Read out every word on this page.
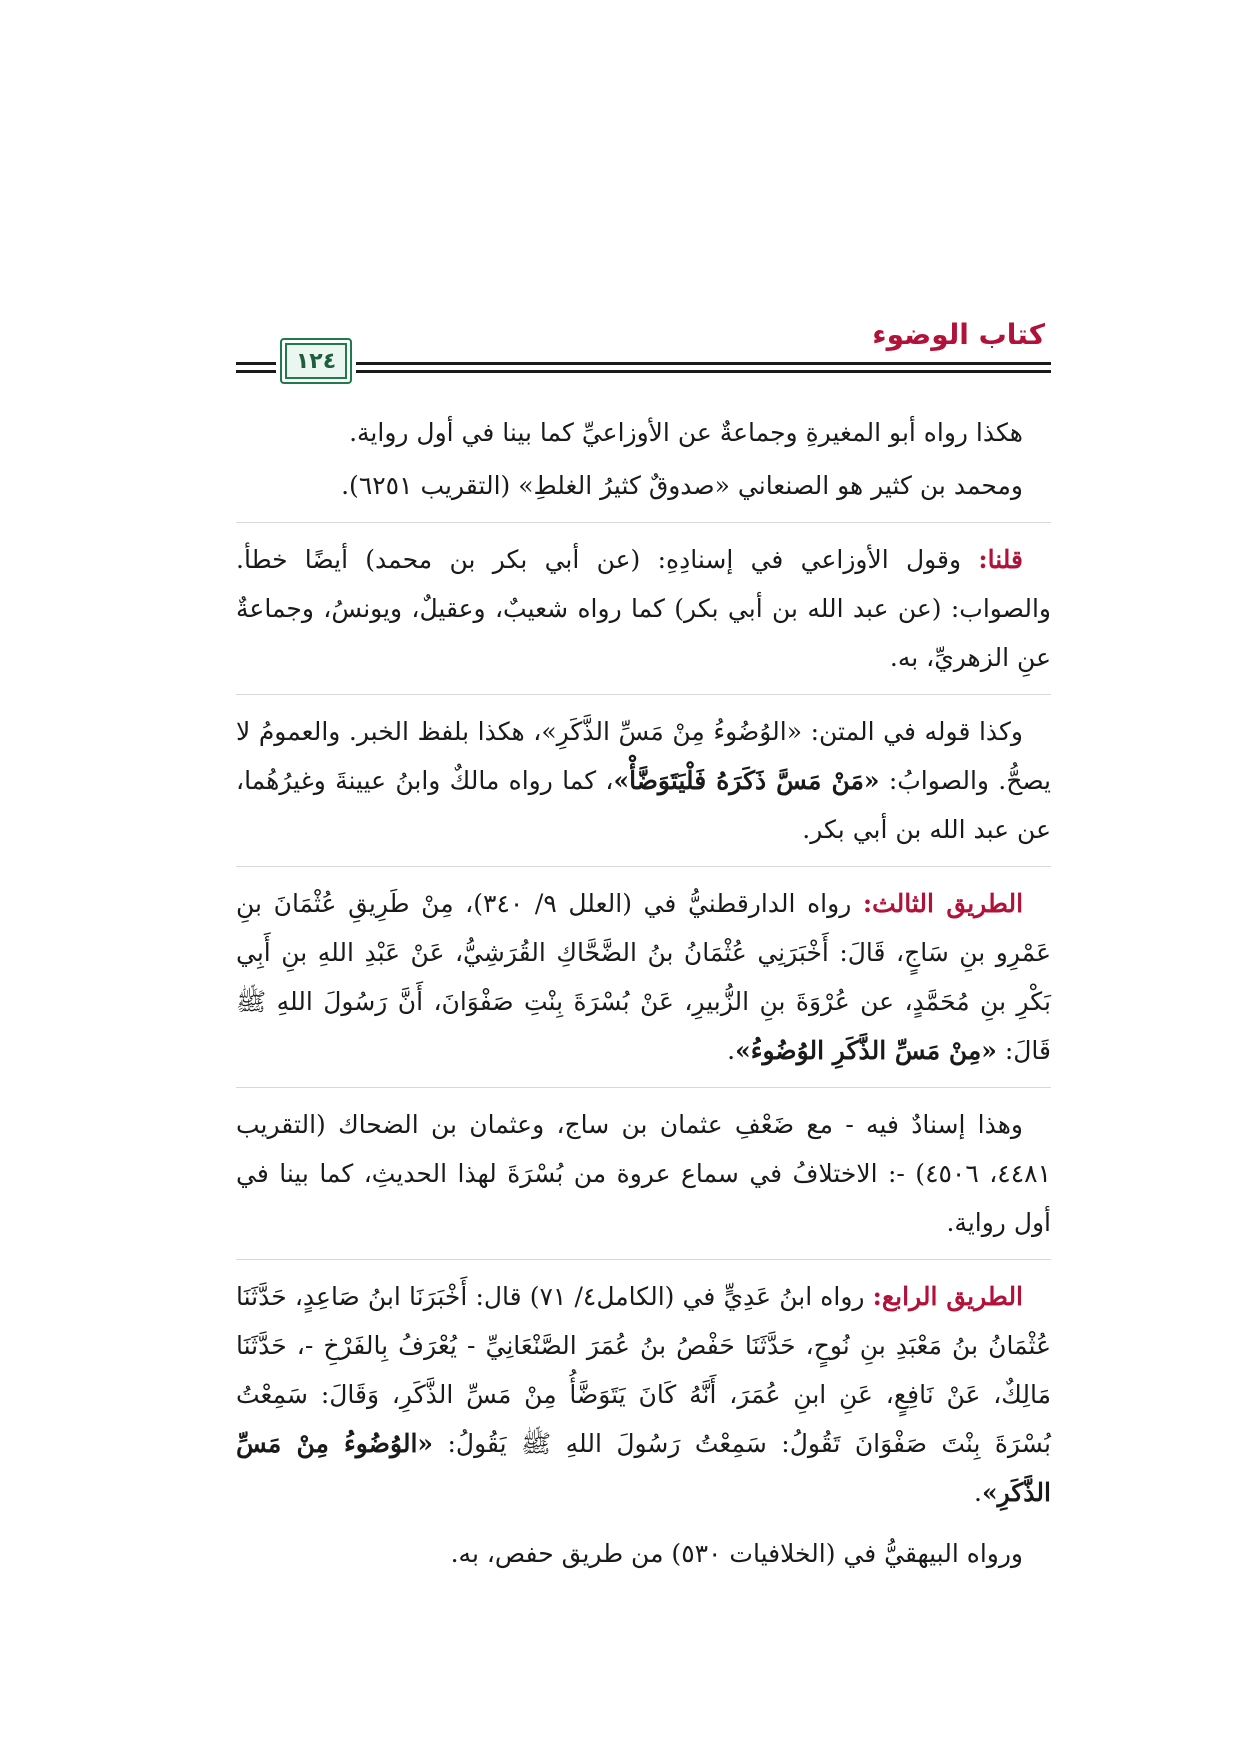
كتاب الوضوء
١٢٤

هكذا رواه أبو المغيرةِ وجماعةٌ عن الأوزاعيِّ كما بينا في أول رواية.

ومحمد بن كثير هو الصنعاني «صدوقٌ كثيرُ الغلطِ» (التقريب ٦٢٥١).

قلنا: وقول الأوزاعي في إسنادِهِ: (عن أبي بكر بن محمد) أيضًا خطأ. والصواب: (عن عبد الله بن أبي بكر) كما رواه شعيبٌ، وعقيلٌ، ويونسُ، وجماعةٌ عنِ الزهريِّ، به.

وكذا قوله في المتن: «الوُضُوءُ مِنْ مَسِّ الذَّكَرِ»، هكذا بلفظ الخبر. والعمومُ لا يصحُّ. والصوابُ: «مَنْ مَسَّ ذَكَرَهُ فَلْيَتَوَضَّأْ»، كما رواه مالكٌ وابنُ عيينةَ وغيرُهُما، عن عبد الله بن أبي بكر.

الطريق الثالث: رواه الدارقطنيُّ في (العلل ٩/ ٣٤٠)، مِنْ طَرِيقِ عُثْمَانَ بنِ عَمْرِو بنِ سَاجٍ، قَالَ: أَخْبَرَنِي عُثْمَانُ بنُ الضَّحَّاكِ القُرَشِيُّ، عَنْ عَبْدِ اللهِ بنِ أَبِي بَكْرِ بنِ مُحَمَّدٍ، عن عُرْوَةَ بنِ الزُّبيرِ، عَنْ بُسْرَةَ بِنْتِ صَفْوَانَ، أَنَّ رَسُولَ اللهِ ﷺ قَالَ: «مِنْ مَسِّ الذَّكَرِ الوُضُوءُ».

وهذا إسنادٌ فيه - مع ضَعْفِ عثمان بن ساج، وعثمان بن الضحاك (التقريب ٤٤٨١، ٤٥٠٦) -: الاختلافُ في سماع عروة من بُسْرَةَ لهذا الحديثِ، كما بينا في أول رواية.

الطريق الرابع: رواه ابنُ عَدِيٍّ في (الكامل٤/ ٧١) قال: أَخْبَرَنَا ابنُ صَاعِدٍ، حَدَّثَنَا عُثْمَانُ بنُ مَعْبَدِ بنِ نُوحٍ، حَدَّثَنَا حَفْصُ بنُ عُمَرَ الصَّنْعَانِيِّ - يُعْرَفُ بِالفَرْخِ -، حَدَّثَنَا مَالِكٌ، عَنْ نَافِعٍ، عَنِ ابنِ عُمَرَ، أَنَّهُ كَانَ يَتَوَضَّأُ مِنْ مَسِّ الذَّكَرِ، وَقَالَ: سَمِعْتُ بُسْرَةَ بِنْتَ صَفْوَانَ تَقُولُ: سَمِعْتُ رَسُولَ اللهِ ﷺ يَقُولُ: «الوُضُوءُ مِنْ مَسِّ الذَّكَرِ».

ورواه البيهقيُّ في (الخلافيات ٥٣٠) من طريق حفص، به.
